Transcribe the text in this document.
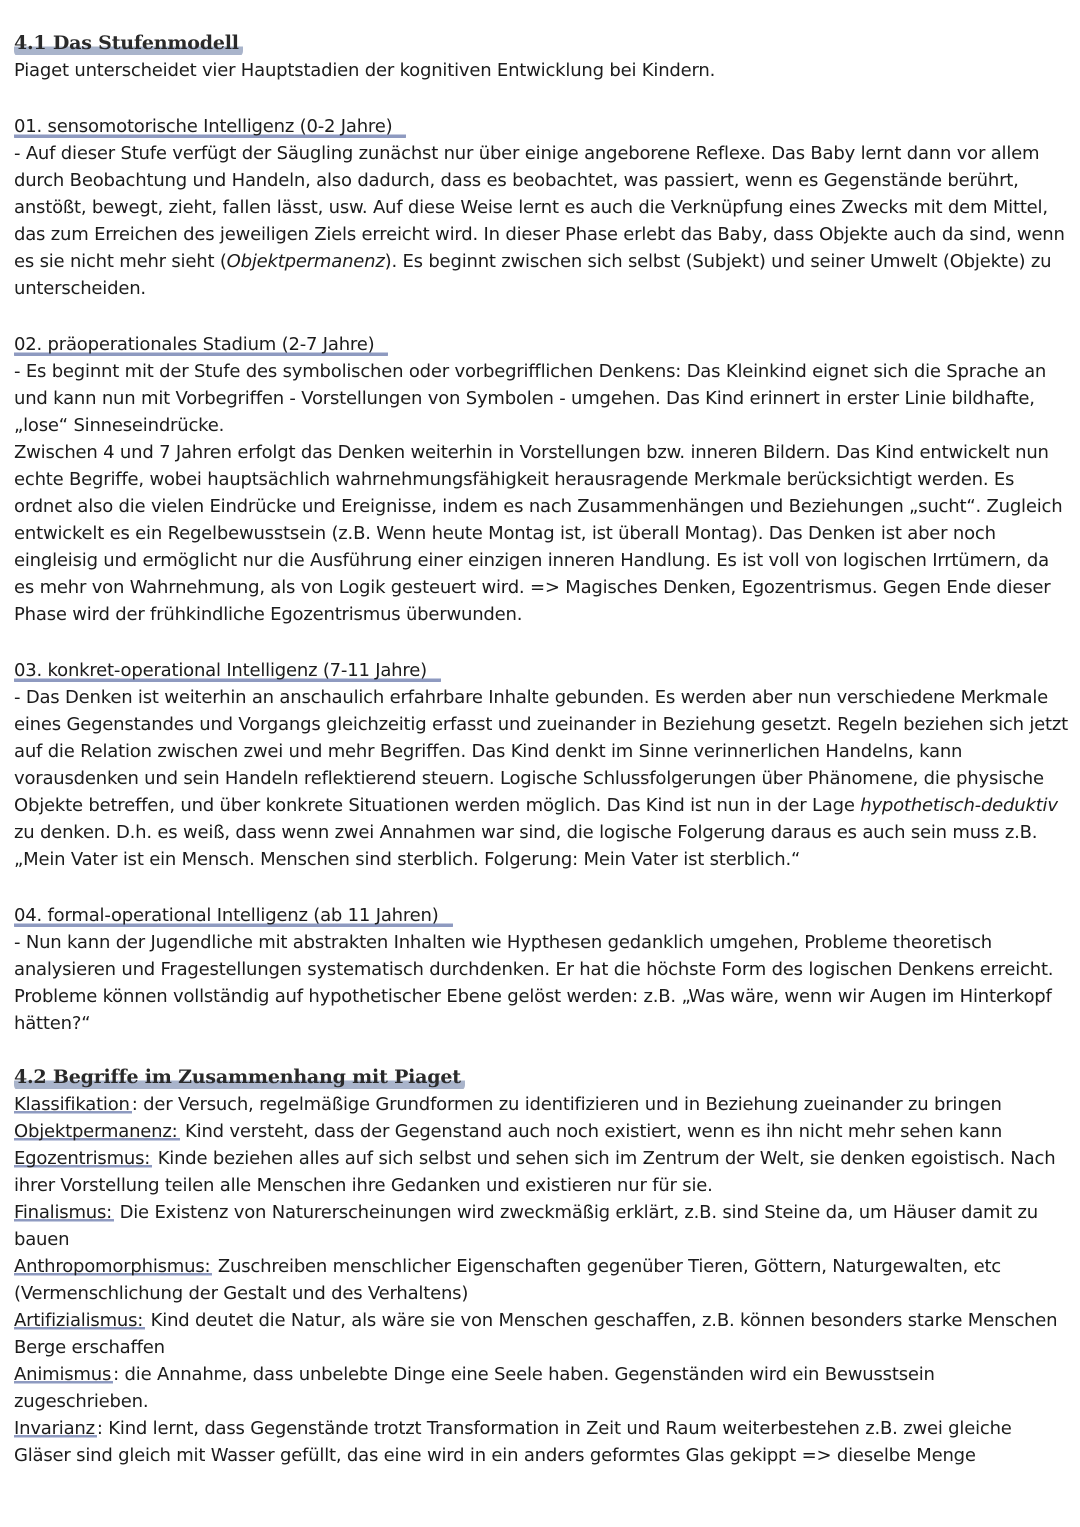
4.1 Das Stufenmodell

Piaget unterscheidet vier Hauptstadien der kognitiven Entwicklung bei Kindern.

01. sensomotorische Intelligenz (0-2 Jahre)

- Auf dieser Stufe verfügt der Säugling zunächst nur über einige angeborene Reflexe. Das Baby lernt dann vor allem durch Beobachtung und Handeln, also dadurch, dass es beobachtet, was passiert, wenn es Gegenstände berührt, anstößt, bewegt, zieht, fallen lässt, usw. Auf diese Weise lernt es auch die Verknüpfung eines Zwecks mit dem Mittel, das zum Erreichen des jeweiligen Ziels erreicht wird. In dieser Phase erlebt das Baby, dass Objekte auch da sind, wenn es sie nicht mehr sieht (Objektpermanenz). Es beginnt zwischen sich selbst (Subjekt) und seiner Umwelt (Objekte) zu unterscheiden.

02. präoperationales Stadium (2-7 Jahre)

- Es beginnt mit der Stufe des symbolischen oder vorbegrifflichen Denkens: Das Kleinkind eignet sich die Sprache an und kann nun mit Vorbegriffen - Vorstellungen von Symbolen - umgehen. Das Kind erinnert in erster Linie bildhafte, „lose“ Sinneseindrücke.

Zwischen 4 und 7 Jahren erfolgt das Denken weiterhin in Vorstellungen bzw. inneren Bildern. Das Kind entwickelt nun echte Begriffe, wobei hauptsächlich wahrnehmungsfähigkeit herausragende Merkmale berücksichtigt werden. Es ordnet also die vielen Eindrücke und Ereignisse, indem es nach Zusammenhängen und Beziehungen „sucht“. Zugleich entwickelt es ein Regelbewusstsein (z.B. Wenn heute Montag ist, ist überall Montag). Das Denken ist aber noch eingleisig und ermöglicht nur die Ausführung einer einzigen inneren Handlung. Es ist voll von logischen Irrtümern, da es mehr von Wahrnehmung, als von Logik gesteuert wird. => Magisches Denken, Egozentrismus. Gegen Ende dieser Phase wird der frühkindliche Egozentrismus überwunden.

03. konkret-operational Intelligenz (7-11 Jahre)

- Das Denken ist weiterhin an anschaulich erfahrbare Inhalte gebunden. Es werden aber nun verschiedene Merkmale eines Gegenstandes und Vorgangs gleichzeitig erfasst und zueinander in Beziehung gesetzt. Regeln beziehen sich jetzt auf die Relation zwischen zwei und mehr Begriffen. Das Kind denkt im Sinne verinnerlichen Handelns, kann vorausdenken und sein Handeln reflektierend steuern. Logische Schlussfolgerungen über Phänomene, die physische Objekte betreffen, und über konkrete Situationen werden möglich. Das Kind ist nun in der Lage hypothetisch-deduktiv zu denken. D.h. es weiß, dass wenn zwei Annahmen war sind, die logische Folgerung daraus es auch sein muss z.B. „Mein Vater ist ein Mensch. Menschen sind sterblich. Folgerung: Mein Vater ist sterblich.“

04. formal-operational Intelligenz (ab 11 Jahren)

- Nun kann der Jugendliche mit abstrakten Inhalten wie Hypthesen gedanklich umgehen, Probleme theoretisch analysieren und Fragestellungen systematisch durchdenken. Er hat die höchste Form des logischen Denkens erreicht.

Probleme können vollständig auf hypothetischer Ebene gelöst werden: z.B. „Was wäre, wenn wir Augen im Hinterkopf hätten?“

4.2 Begriffe im Zusammenhang mit Piaget

Klassifikation : der Versuch, regelmäßige Grundformen zu identifizieren und in Beziehung zueinander zu bringen

Objektpermanenz: Kind versteht, dass der Gegenstand auch noch existiert, wenn es ihn nicht mehr sehen kann

Egozentrismus: Kinde beziehen alles auf sich selbst und sehen sich im Zentrum der Welt, sie denken egoistisch. Nach ihrer Vorstellung teilen alle Menschen ihre Gedanken und existieren nur für sie.

Finalismus: Die Existenz von Naturerscheinungen wird zweckmäßig erklärt, z.B. sind Steine da, um Häuser damit zu bauen

Anthropomorphismus: Zuschreiben menschlicher Eigenschaften gegenüber Tieren, Göttern, Naturgewalten, etc (Vermenschlichung der Gestalt und des Verhaltens)

Artifizialismus: Kind deutet die Natur, als wäre sie von Menschen geschaffen, z.B. können besonders starke Menschen Berge erschaffen

Animismus : die Annahme, dass unbelebte Dinge eine Seele haben. Gegenständen wird ein Bewusstsein zugeschrieben.

Invarianz : Kind lernt, dass Gegenstände trotzt Transformation in Zeit und Raum weiterbestehen z.B. zwei gleiche Gläser sind gleich mit Wasser gefüllt, das eine wird in ein anders geformtes Glas gekippt => dieselbe Menge
